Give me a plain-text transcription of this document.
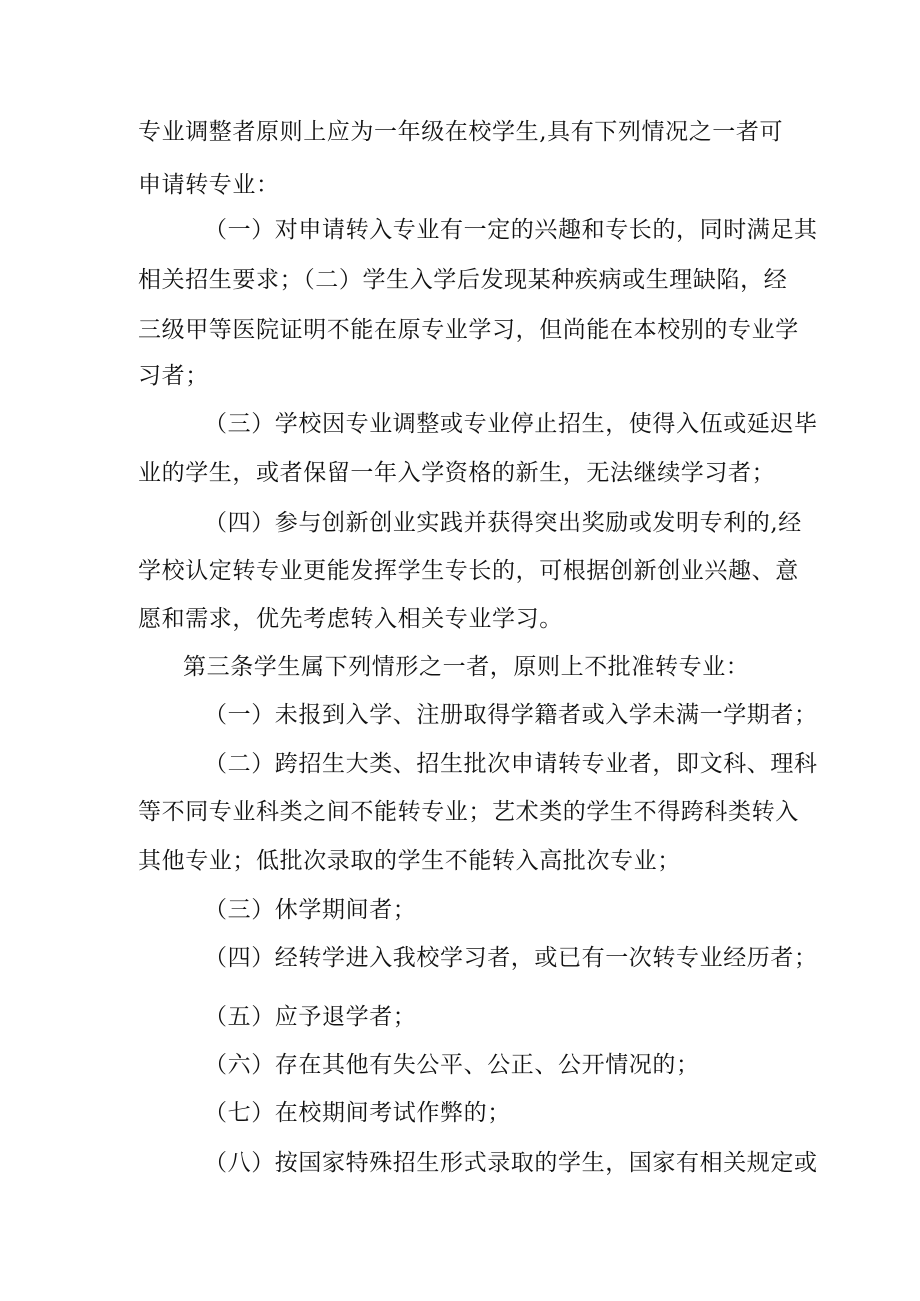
专业调整者原则上应为一年级在校学生,具有下列情况之一者可
申请转专业：
（一）对申请转入专业有一定的兴趣和专长的，同时满足其
相关招生要求；（二）学生入学后发现某种疾病或生理缺陷，经
三级甲等医院证明不能在原专业学习，但尚能在本校别的专业学
习者；
（三）学校因专业调整或专业停止招生，使得入伍或延迟毕
业的学生，或者保留一年入学资格的新生，无法继续学习者；
（四）参与创新创业实践并获得突出奖励或发明专利的,经
学校认定转专业更能发挥学生专长的，可根据创新创业兴趣、意
愿和需求，优先考虑转入相关专业学习。
第三条学生属下列情形之一者，原则上不批准转专业：
（一）未报到入学、注册取得学籍者或入学未满一学期者；
（二）跨招生大类、招生批次申请转专业者，即文科、理科
等不同专业科类之间不能转专业；艺术类的学生不得跨科类转入
其他专业；低批次录取的学生不能转入高批次专业；
（三）休学期间者；
（四）经转学进入我校学习者，或已有一次转专业经历者；
（五）应予退学者；
（六）存在其他有失公平、公正、公开情况的；
（七）在校期间考试作弊的；
（八）按国家特殊招生形式录取的学生，国家有相关规定或
